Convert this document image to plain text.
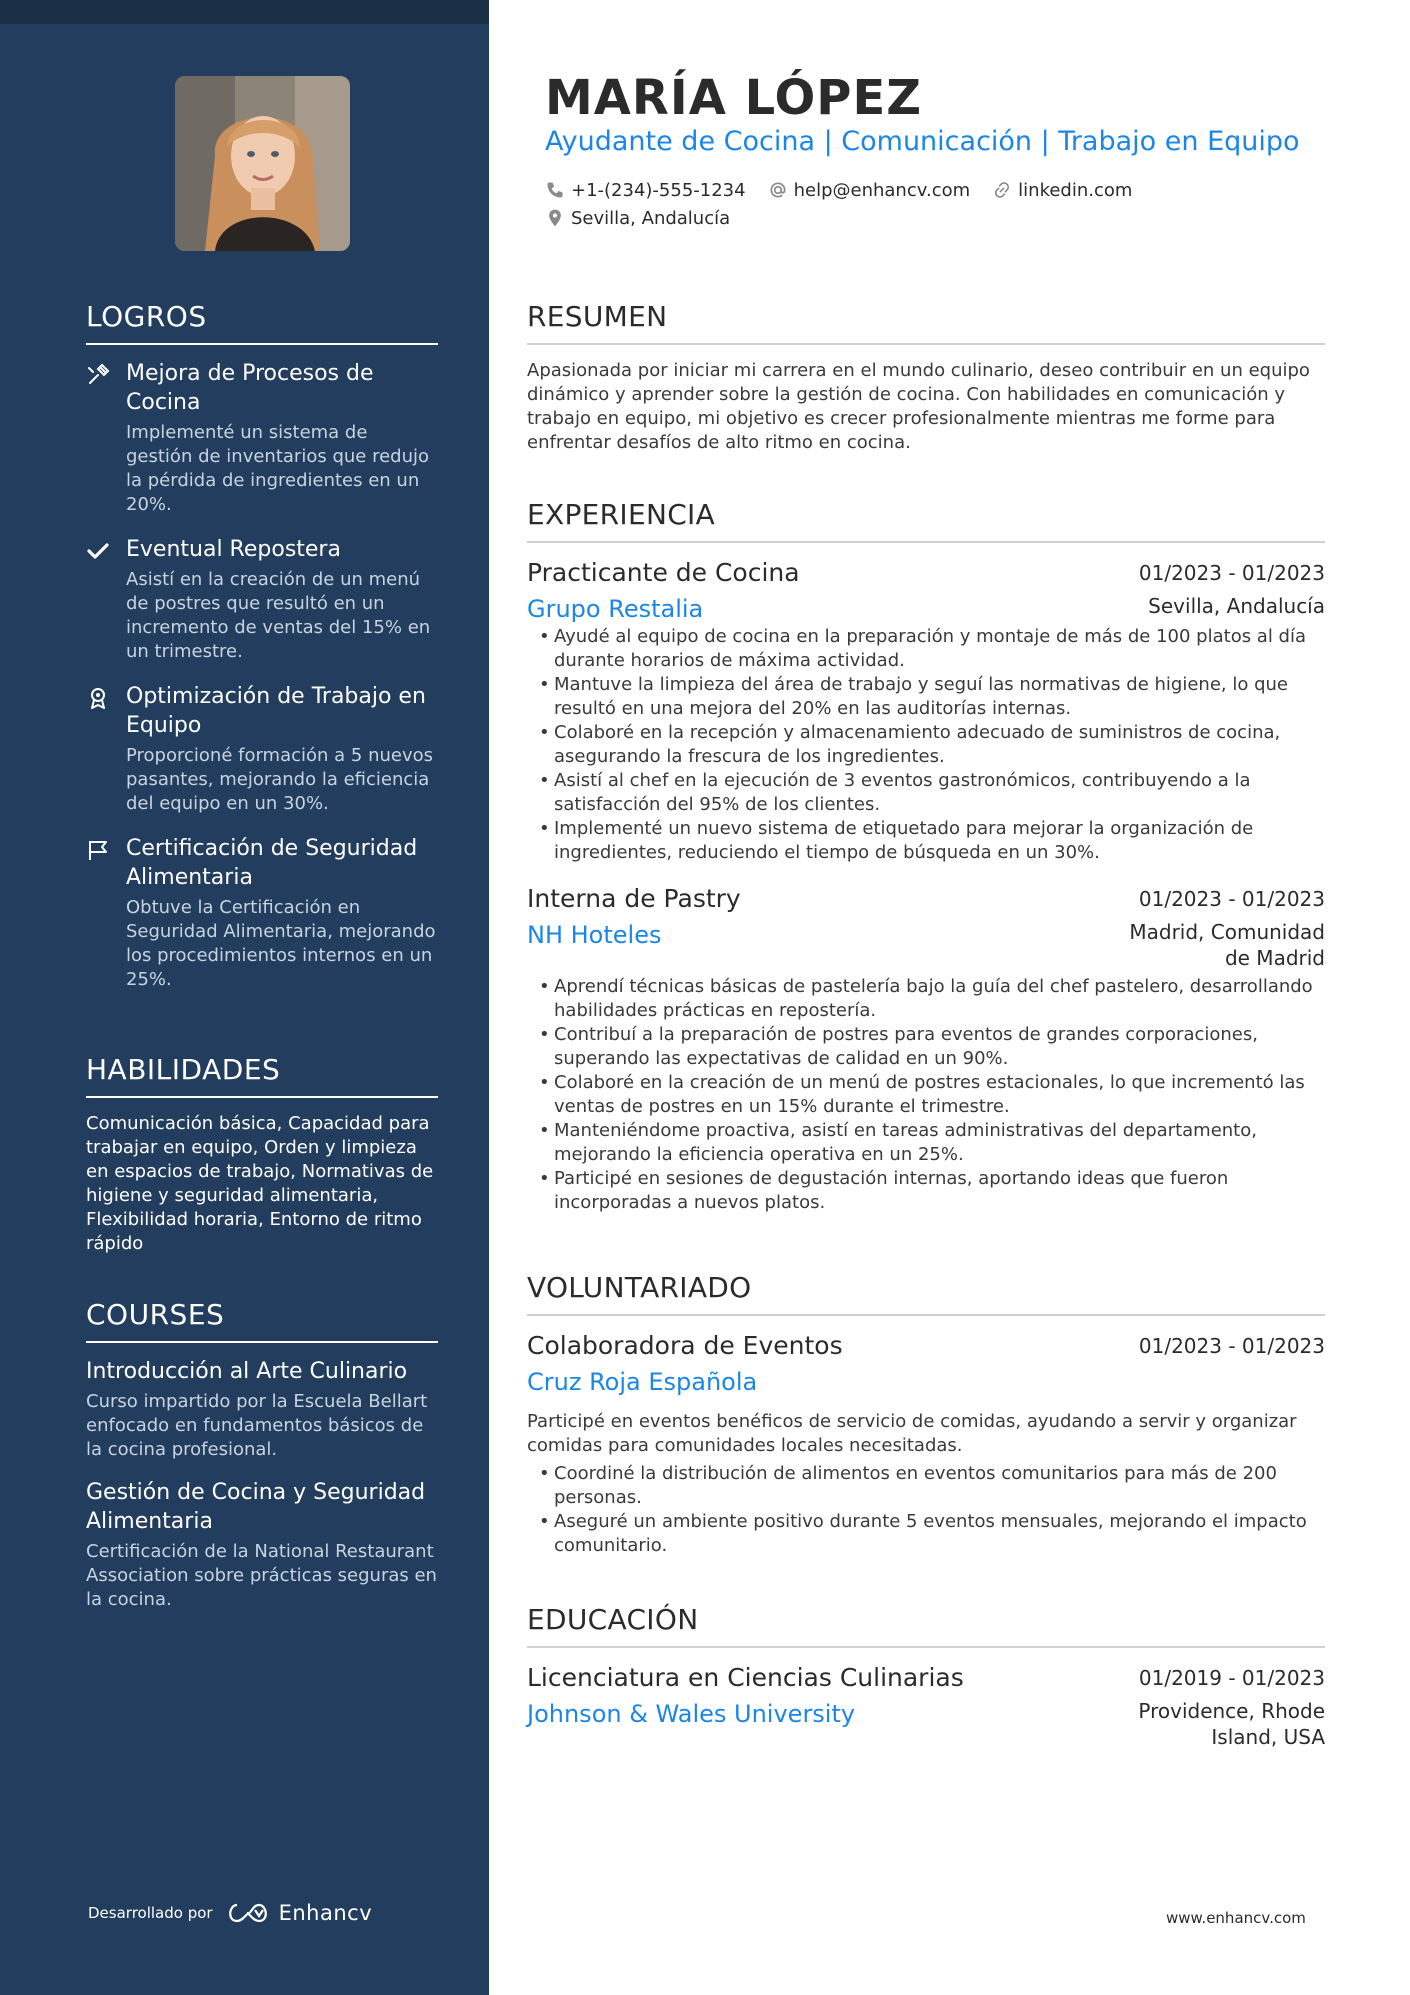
LOGROS
Mejora de Procesos de Cocina
Implementé un sistema de gestión de inventarios que redujo la pérdida de ingredientes en un 20%.
Eventual Repostera
Asistí en la creación de un menú de postres que resultó en un incremento de ventas del 15% en un trimestre.
Optimización de Trabajo en Equipo
Proporcioné formación a 5 nuevos pasantes, mejorando la eficiencia del equipo en un 30%.
Certificación de Seguridad Alimentaria
Obtuve la Certificación en Seguridad Alimentaria, mejorando los procedimientos internos en un 25%.
HABILIDADES
Comunicación básica, Capacidad para trabajar en equipo, Orden y limpieza en espacios de trabajo, Normativas de higiene y seguridad alimentaria, Flexibilidad horaria, Entorno de ritmo rápido
COURSES
Introducción al Arte Culinario
Curso impartido por la Escuela Bellart enfocado en fundamentos básicos de la cocina profesional.
Gestión de Cocina y Seguridad Alimentaria
Certificación de la National Restaurant Association sobre prácticas seguras en la cocina.
Desarrollado por	Enhancv
MARÍA LÓPEZ
Ayudante de Cocina | Comunicación | Trabajo en Equipo
+1-(234)-555-1234	help@enhancv.com	linkedin.com
Sevilla, Andalucía
RESUMEN
Apasionada por iniciar mi carrera en el mundo culinario, deseo contribuir en un equipo dinámico y aprender sobre la gestión de cocina. Con habilidades en comunicación y trabajo en equipo, mi objetivo es crecer profesionalmente mientras me forme para enfrentar desafíos de alto ritmo en cocina.
EXPERIENCIA
Practicante de Cocina	01/2023 - 01/2023
Grupo Restalia	Sevilla, Andalucía
• Ayudé al equipo de cocina en la preparación y montaje de más de 100 platos al día durante horarios de máxima actividad.
• Mantuve la limpieza del área de trabajo y seguí las normativas de higiene, lo que resultó en una mejora del 20% en las auditorías internas.
• Colaboré en la recepción y almacenamiento adecuado de suministros de cocina, asegurando la frescura de los ingredientes.
• Asistí al chef en la ejecución de 3 eventos gastronómicos, contribuyendo a la satisfacción del 95% de los clientes.
• Implementé un nuevo sistema de etiquetado para mejorar la organización de ingredientes, reduciendo el tiempo de búsqueda en un 30%.
Interna de Pastry	01/2023 - 01/2023
NH Hoteles	Madrid, Comunidad de Madrid
• Aprendí técnicas básicas de pastelería bajo la guía del chef pastelero, desarrollando habilidades prácticas en repostería.
• Contribuí a la preparación de postres para eventos de grandes corporaciones, superando las expectativas de calidad en un 90%.
• Colaboré en la creación de un menú de postres estacionales, lo que incrementó las ventas de postres en un 15% durante el trimestre.
• Manteniéndome proactiva, asistí en tareas administrativas del departamento, mejorando la eficiencia operativa en un 25%.
• Participé en sesiones de degustación internas, aportando ideas que fueron incorporadas a nuevos platos.
VOLUNTARIADO
Colaboradora de Eventos	01/2023 - 01/2023
Cruz Roja Española
Participé en eventos benéficos de servicio de comidas, ayudando a servir y organizar comidas para comunidades locales necesitadas.
• Coordiné la distribución de alimentos en eventos comunitarios para más de 200 personas.
• Aseguré un ambiente positivo durante 5 eventos mensuales, mejorando el impacto comunitario.
EDUCACIÓN
Licenciatura en Ciencias Culinarias	01/2019 - 01/2023
Johnson & Wales University	Providence, Rhode Island, USA
www.enhancv.com
